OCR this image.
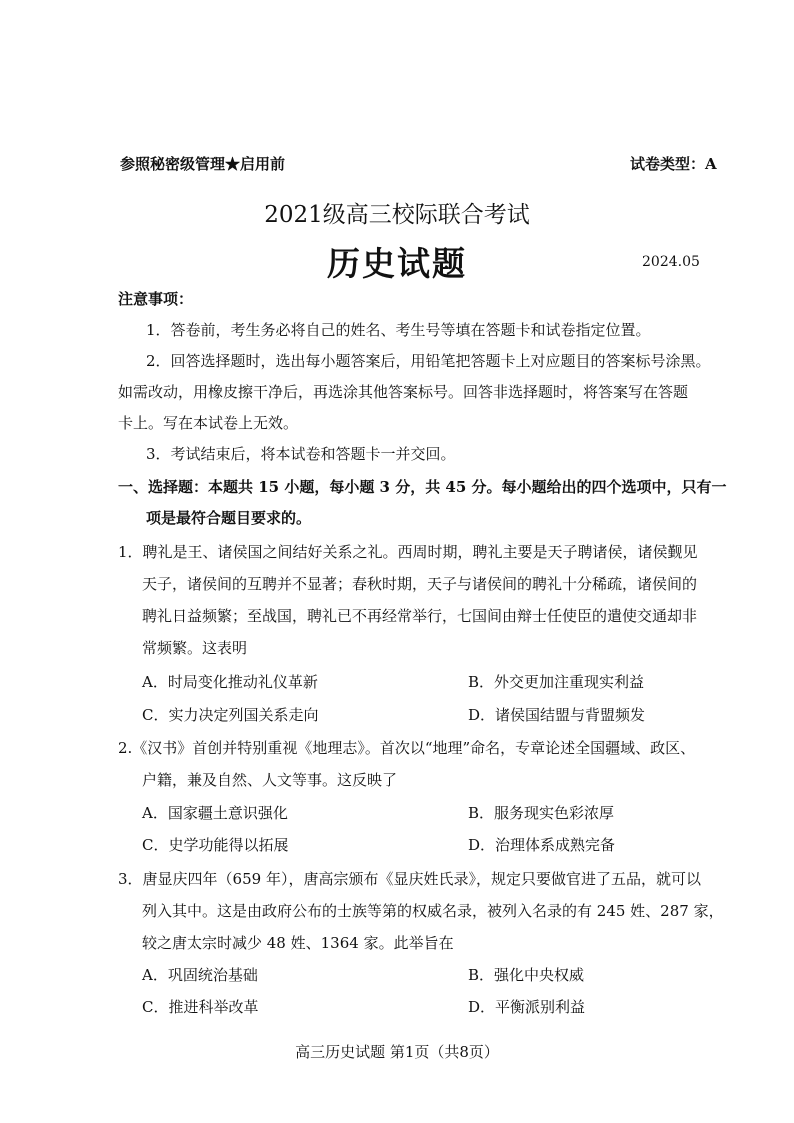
参照秘密级管理★启用前	试卷类型：A
2021级高三校际联合考试
历史试题	2024.05
注意事项：
1．答卷前，考生务必将自己的姓名、考生号等填在答题卡和试卷指定位置。
2．回答选择题时，选出每小题答案后，用铅笔把答题卡上对应题目的答案标号涂黑。
如需改动，用橡皮擦干净后，再选涂其他答案标号。回答非选择题时，将答案写在答题
卡上。写在本试卷上无效。
3．考试结束后，将本试卷和答题卡一并交回。
一、选择题：本题共 15 小题，每小题 3 分，共 45 分。每小题给出的四个选项中，只有一
项是最符合题目要求的。
1．聘礼是王、诸侯国之间结好关系之礼。西周时期，聘礼主要是天子聘诸侯，诸侯觐见
天子，诸侯间的互聘并不显著；春秋时期，天子与诸侯间的聘礼十分稀疏，诸侯间的
聘礼日益频繁；至战国，聘礼已不再经常举行，七国间由辩士任使臣的遣使交通却非
常频繁。这表明
A．时局变化推动礼仪革新	B．外交更加注重现实利益
C．实力决定列国关系走向	D．诸侯国结盟与背盟频发
2.《汉书》首创并特别重视《地理志》。首次以“地理”命名，专章论述全国疆域、政区、
户籍，兼及自然、人文等事。这反映了
A．国家疆土意识强化	B．服务现实色彩浓厚
C．史学功能得以拓展	D．治理体系成熟完备
3．唐显庆四年（659 年），唐高宗颁布《显庆姓氏录》，规定只要做官进了五品，就可以
列入其中。这是由政府公布的士族等第的权威名录，被列入名录的有 245 姓、287 家，
较之唐太宗时减少 48 姓、1364 家。此举旨在
A．巩固统治基础	B．强化中央权威
C．推进科举改革	D．平衡派别利益
高三历史试题 第1页（共8页）
